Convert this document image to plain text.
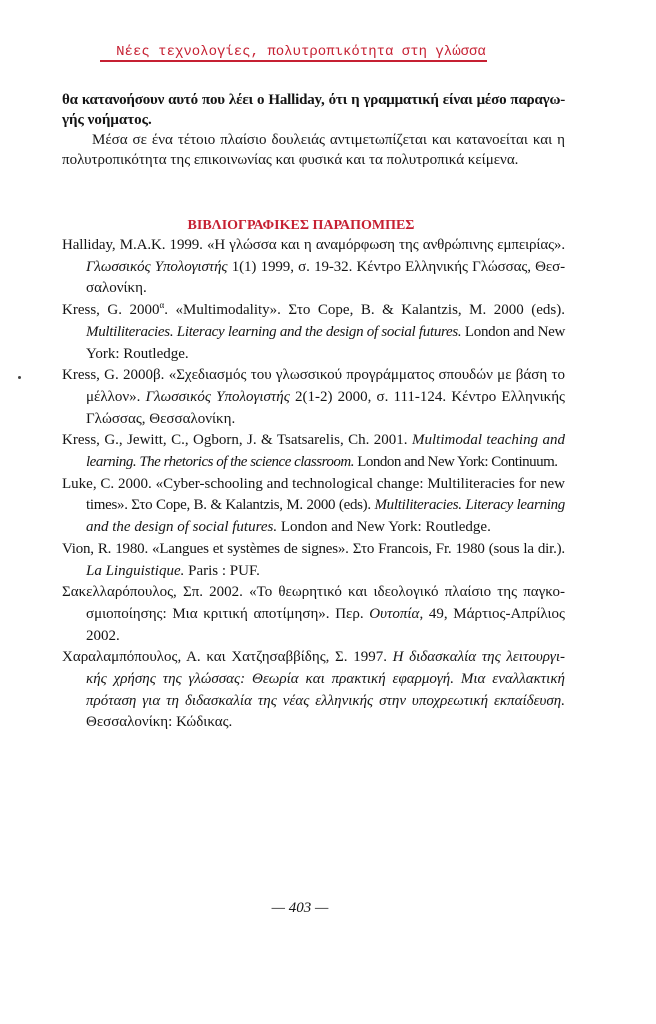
Νέες τεχνολογίες, πολυτροπικότητα στη γλώσσα
θα κατανοήσουν αυτό που λέει ο Halliday, ότι η γραμματική είναι μέσο παραγω-
γής νοήματος.
Μέσα σε ένα τέτοιο πλαίσιο δουλειάς αντιμετωπίζεται και κατανοείται και η
πολυτροπικότητα της επικοινωνίας και φυσικά και τα πολυτροπικά κείμενα.
ΒΙΒΛΙΟΓΡΑΦΙΚΕΣ ΠΑΡΑΠΟΜΠΕΣ
Halliday, M.A.K. 1999. «Η γλώσσα και η αναμόρφωση της ανθρώπινης εμπειρίας».
Γλωσσικός Υπολογιστής 1(1) 1999, σ. 19-32. Κέντρο Ελληνικής Γλώσσας, Θεσ-
σαλονίκη.
Kress, G. $2000^\alpha$. «Multimodality». Στο Cope, B. & Kalantzis, M. 2000 (eds).
Multiliteracies. Literacy learning and the design of social futures. London and New
York: Routledge.
Kress, G. 2000β. «Σχεδιασμός του γλωσσικού προγράμματος σπουδών με βάση το
μέλλον». Γλωσσικός Υπολογιστής 2(1-2) 2000, σ. 111-124. Κέντρο Ελληνικής
Γλώσσας, Θεσσαλονίκη.
Kress, G., Jewitt, C., Ogborn, J. & Tsatsarelis, Ch. 2001. Multimodal teaching and
learning. The rhetorics of the science classroom. London and New York: Continuum.
Luke, C. 2000. «Cyber-schooling and technological change: Multiliteracies for new
times». Στο Cope, B. & Kalantzis, M. 2000 (eds). Multiliteracies. Literacy learning
and the design of social futures. London and New York: Routledge.
Vion, R. 1980. «Langues et systèmes de signes». Στο Francois, Fr. 1980 (sous la dir.).
La Linguistique. Paris : PUF.
Σακελλαρόπουλος, Σπ. 2002. «Το θεωρητικό και ιδεολογικό πλαίσιο της παγκο-
σμιοποίησης: Μια κριτική αποτίμηση». Περ. Ουτοπία, 49, Μάρτιος-Απρίλιος
2002.
Χαραλαμπόπουλος, Α. και Χατζησαββίδης, Σ. 1997. Η διδασκαλία της λειτουργι-
κής χρήσης της γλώσσας: Θεωρία και πρακτική εφαρμογή. Μια εναλλακτική
πρόταση για τη διδασκαλία της νέας ελληνικής στην υποχρεωτική εκπαίδευση.
Θεσσαλονίκη: Κώδικας.
— 403 —
